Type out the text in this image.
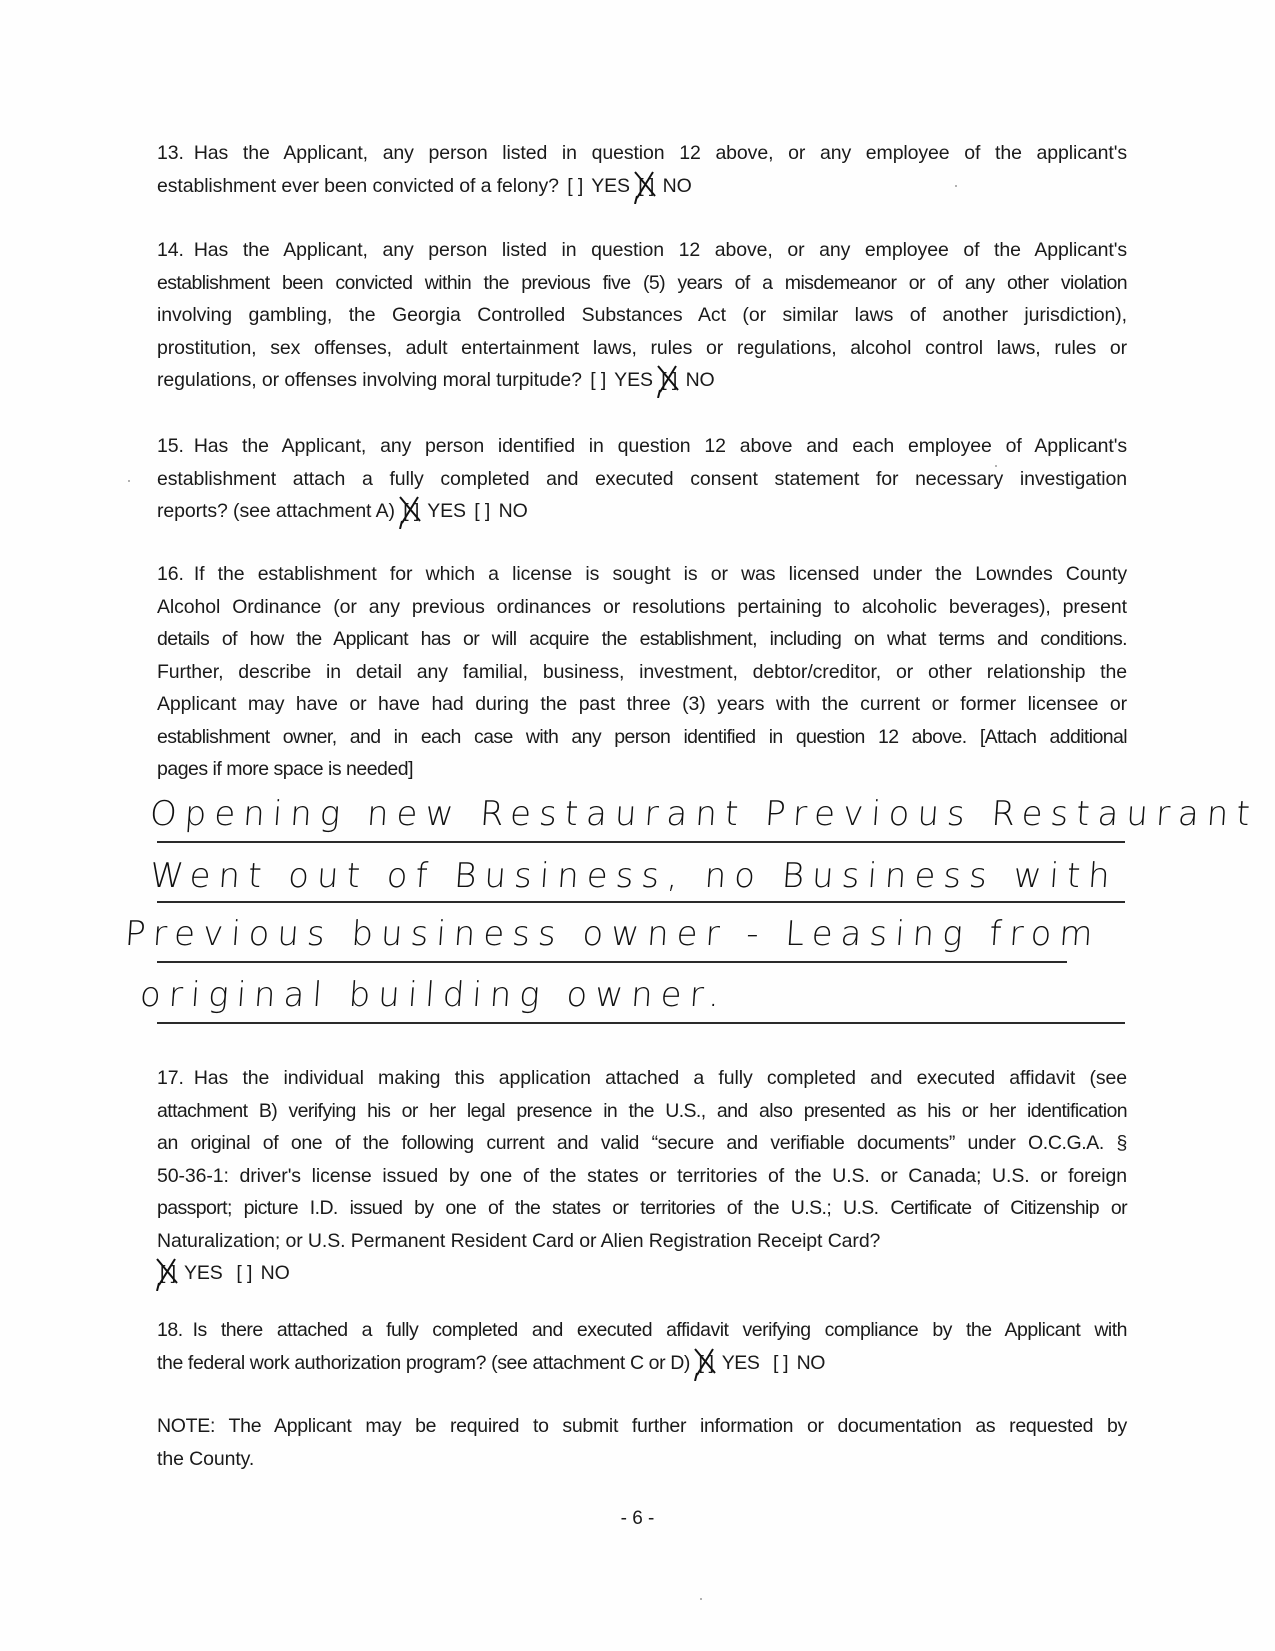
13. Has the Applicant, any person listed in question 12 above, or any employee of the applicant's
establishment ever been convicted of a felony? [ ] YES [ ] NO
14. Has the Applicant, any person listed in question 12 above, or any employee of the Applicant's
establishment been convicted within the previous five (5) years of a misdemeanor or of any other violation
involving gambling, the Georgia Controlled Substances Act (or similar laws of another jurisdiction),
prostitution, sex offenses, adult entertainment laws, rules or regulations, alcohol control laws, rules or
regulations, or offenses involving moral turpitude? [ ] YES [ ] NO
15. Has the Applicant, any person identified in question 12 above and each employee of Applicant's
establishment attach a fully completed and executed consent statement for necessary investigation
reports? (see attachment A) [ ] YES [ ] NO
16. If the establishment for which a license is sought is or was licensed under the Lowndes County
Alcohol Ordinance (or any previous ordinances or resolutions pertaining to alcoholic beverages), present
details of how the Applicant has or will acquire the establishment, including on what terms and conditions.
Further, describe in detail any familial, business, investment, debtor/creditor, or other relationship the
Applicant may have or have had during the past three (3) years with the current or former licensee or
establishment owner, and in each case with any person identified in question 12 above. [Attach additional
pages if more space is needed]
Opening new Restaurant Previous Restaurant
Went out of Business, no Business with
Previous business owner - Leasing from
original building owner.
17. Has the individual making this application attached a fully completed and executed affidavit (see
attachment B) verifying his or her legal presence in the U.S., and also presented as his or her identification
an original of one of the following current and valid “secure and verifiable documents” under O.C.G.A. §
50-36-1: driver's license issued by one of the states or territories of the U.S. or Canada; U.S. or foreign
passport; picture I.D. issued by one of the states or territories of the U.S.; U.S. Certificate of Citizenship or
Naturalization; or U.S. Permanent Resident Card or Alien Registration Receipt Card?
[ ] YES [ ] NO
18. Is there attached a fully completed and executed affidavit verifying compliance by the Applicant with
the federal work authorization program? (see attachment C or D) [ ] YES [ ] NO
NOTE: The Applicant may be required to submit further information or documentation as requested by
the County.
- 6 -
